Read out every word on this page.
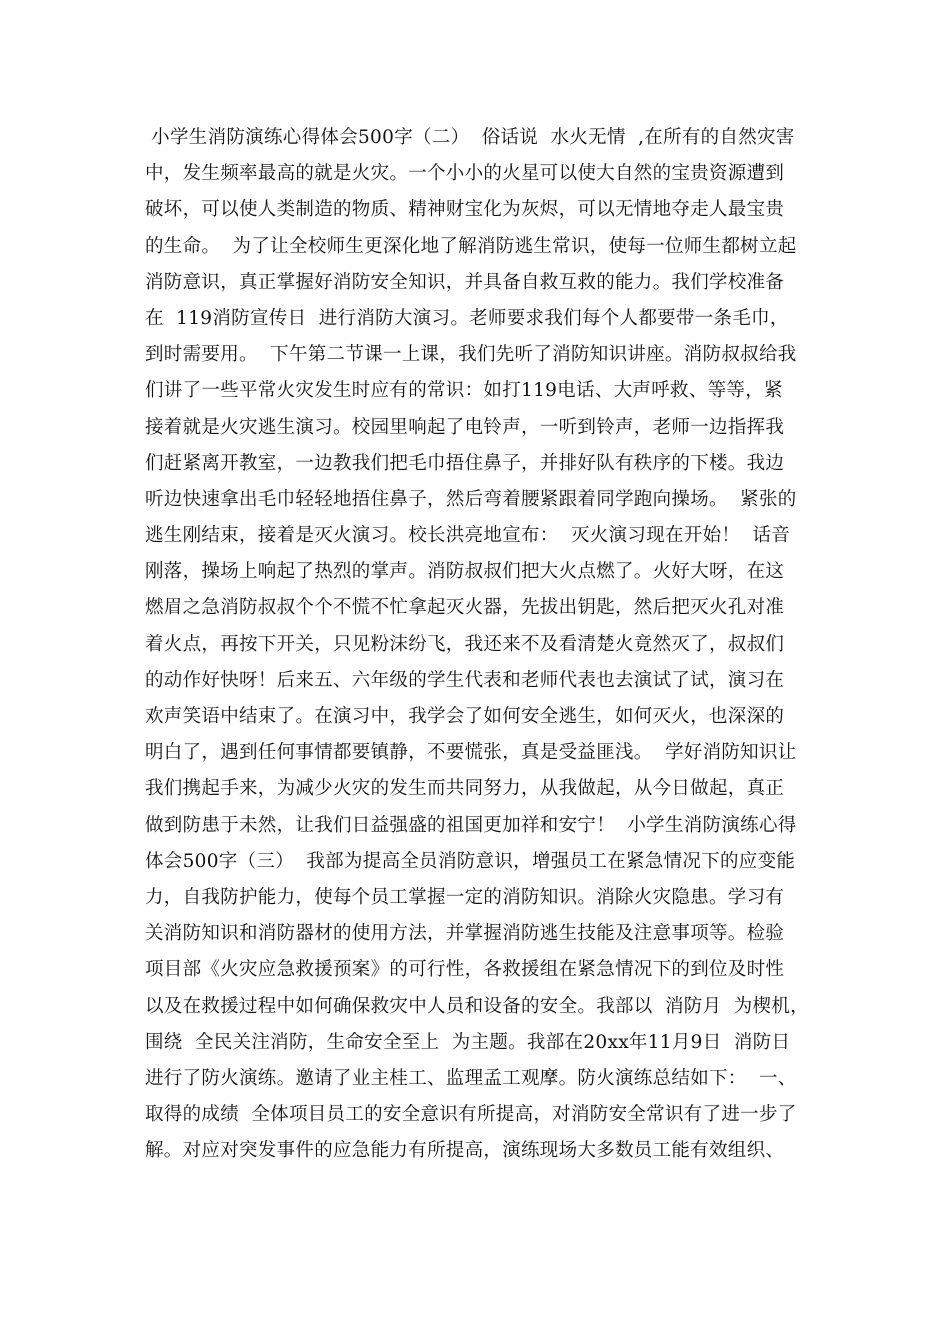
小学生消防演练心得体会500字（二）  俗话说  水火无情  ,在所有的自然灾害
中，发生频率最高的就是火灾。一个小小的火星可以使大自然的宝贵资源遭到
破坏，可以使人类制造的物质、精神财宝化为灰烬，可以无情地夺走人最宝贵
的生命。  为了让全校师生更深化地了解消防逃生常识，使每一位师生都树立起
消防意识，真正掌握好消防安全知识，并具备自救互救的能力。我们学校准备
在  119消防宣传日  进行消防大演习。老师要求我们每个人都要带一条毛巾，
到时需要用。  下午第二节课一上课，我们先听了消防知识讲座。消防叔叔给我
们讲了一些平常火灾发生时应有的常识：如打119电话、大声呼救、等等，紧
接着就是火灾逃生演习。校园里响起了电铃声，一听到铃声，老师一边指挥我
们赶紧离开教室，一边教我们把毛巾捂住鼻子，并排好队有秩序的下楼。我边
听边快速拿出毛巾轻轻地捂住鼻子，然后弯着腰紧跟着同学跑向操场。  紧张的
逃生刚结束，接着是灭火演习。校长洪亮地宣布：  灭火演习现在开始！  话音
刚落，操场上响起了热烈的掌声。消防叔叔们把大火点燃了。火好大呀，在这
燃眉之急消防叔叔个个不慌不忙拿起灭火器，先拔出钥匙，然后把灭火孔对准
着火点，再按下开关，只见粉沫纷飞，我还来不及看清楚火竟然灭了，叔叔们
的动作好快呀！后来五、六年级的学生代表和老师代表也去演试了试，演习在
欢声笑语中结束了。在演习中，我学会了如何安全逃生，如何灭火，也深深的
明白了，遇到任何事情都要镇静，不要慌张，真是受益匪浅。  学好消防知识让
我们携起手来，为减少火灾的发生而共同努力，从我做起，从今日做起，真正
做到防患于未然，让我们日益强盛的祖国更加祥和安宁！  小学生消防演练心得
体会500字（三）  我部为提高全员消防意识，增强员工在紧急情况下的应变能
力，自我防护能力，使每个员工掌握一定的消防知识。消除火灾隐患。学习有
关消防知识和消防器材的使用方法，并掌握消防逃生技能及注意事项等。检验
项目部《火灾应急救援预案》的可行性，各救援组在紧急情况下的到位及时性
以及在救援过程中如何确保救灾中人员和设备的安全。我部以  消防月  为楔机，
围绕  全民关注消防，生命安全至上  为主题。我部在20xx年11月9日  消防日
进行了防火演练。邀请了业主桂工、监理孟工观摩。防火演练总结如下：  一、
取得的成绩  全体项目员工的安全意识有所提高，对消防安全常识有了进一步了
解。对应对突发事件的应急能力有所提高，演练现场大多数员工能有效组织、
